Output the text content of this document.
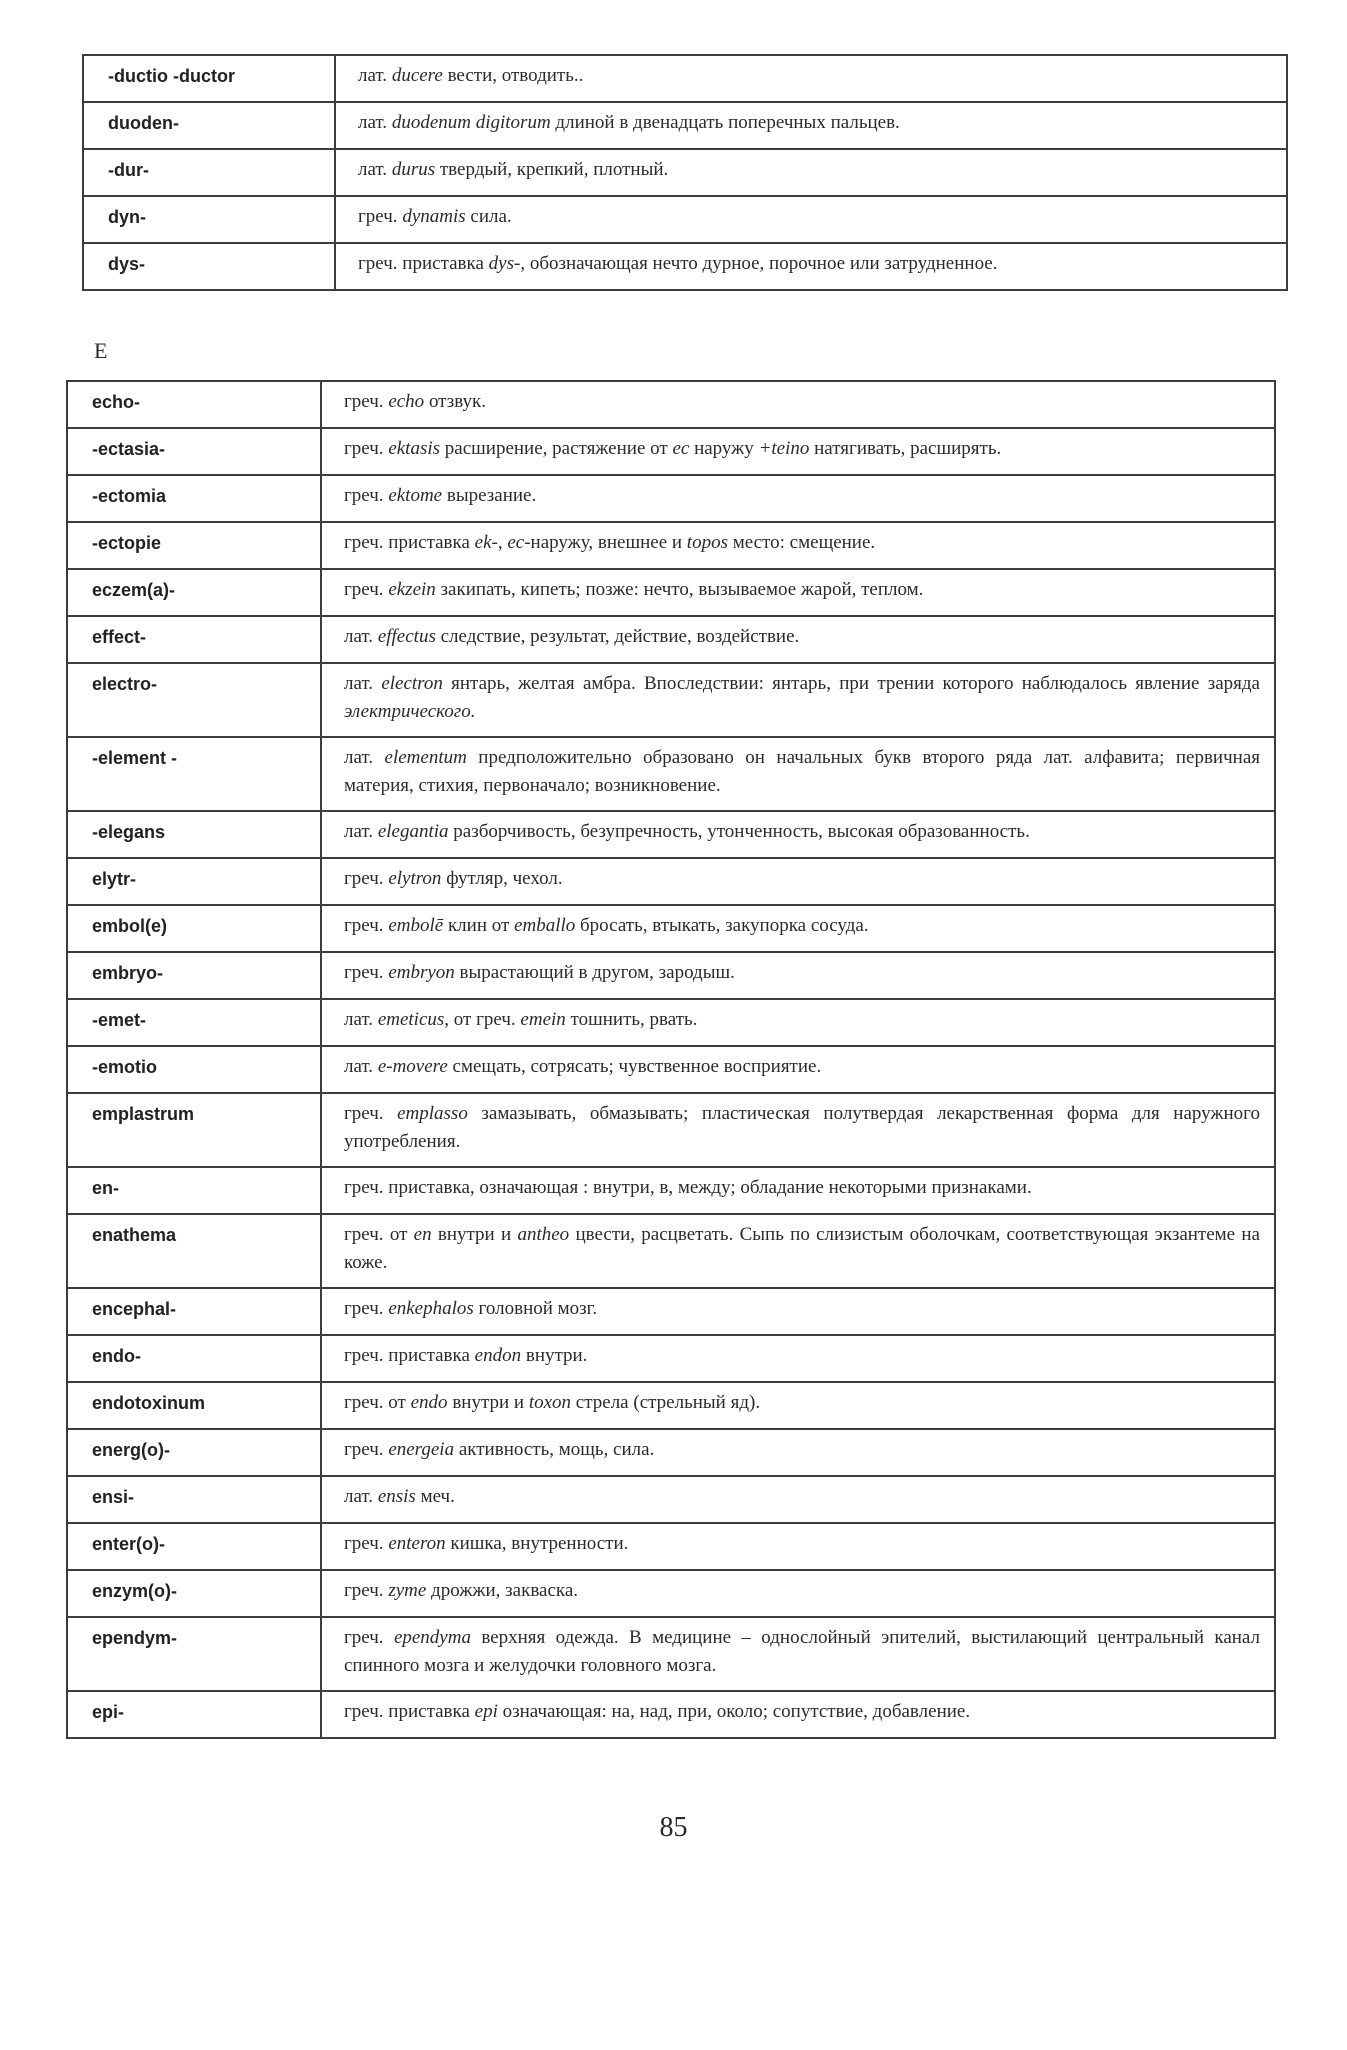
-ductio -ductor	лат. ducere вести, отводить..
duoden-	лат. duodenum digitorum длиной в двенадцать поперечных пальцев.
-dur-	лат. durus твердый, крепкий, плотный.
dyn-	греч. dynamis сила.
dys-	греч. приставка dys-, обозначающая нечто дурное, порочное или затрудненное.
E
echo-	греч. echo отзвук.
-ectasia-	греч. ektasis расширение, растяжение от ec наружу +teino натягивать, расширять.
-ectomia	греч. ektome вырезание.
-ectopie	греч. приставка ek-, ec-наружу, внешнее и topos место: смещение.
eczem(a)-	греч. ekzein закипать, кипеть; позже: нечто, вызываемое жарой, теплом.
effect-	лат. effectus следствие, результат, действие, воздействие.
electro-	лат. electron янтарь, желтая амбра. Впоследствии: янтарь, при трении которого наблюдалось явление заряда электрического.
-element -	лат. elementum предположительно образовано он начальных букв второго ряда лат. алфавита; первичная материя, стихия, первоначало; возникновение.
-elegans	лат. elegantia разборчивость, безупречность, утонченность, высокая образованность.
elytr-	греч. elytron футляр, чехол.
embol(e)	греч. embolē клин от emballo бросать, втыкать, закупорка сосуда.
embryo-	греч. embryon вырастающий в другом, зародыш.
-emet-	лат. emeticus, от греч. emein тошнить, рвать.
-emotio	лат. e-movere смещать, сотрясать; чувственное восприятие.
emplastrum	греч. emplasso замазывать, обмазывать; пластическая полутвердая лекарственная форма для наружного употребления.
en-	греч. приставка, означающая : внутри, в, между; обладание некоторыми признаками.
enathema	греч. от en внутри и antheo цвести, расцветать. Сыпь по слизистым оболочкам, соответствующая экзантеме на коже.
encephal-	греч. enkephalos головной мозг.
endo-	греч. приставка endon внутри.
endotoxinum	греч. от endo внутри и toxon стрела (стрельный яд).
energ(o)-	греч. energeia активность, мощь, сила.
ensi-	лат. ensis меч.
enter(o)-	греч. enteron кишка, внутренности.
enzym(o)-	греч. zyme дрожжи, закваска.
ependym-	греч. ependyma верхняя одежда. В медицине – однослойный эпителий, выстилающий центральный канал спинного мозга и желудочки головного мозга.
epi-	греч. приставка epi означающая: на, над, при, около; сопутствие, добавление.
85
